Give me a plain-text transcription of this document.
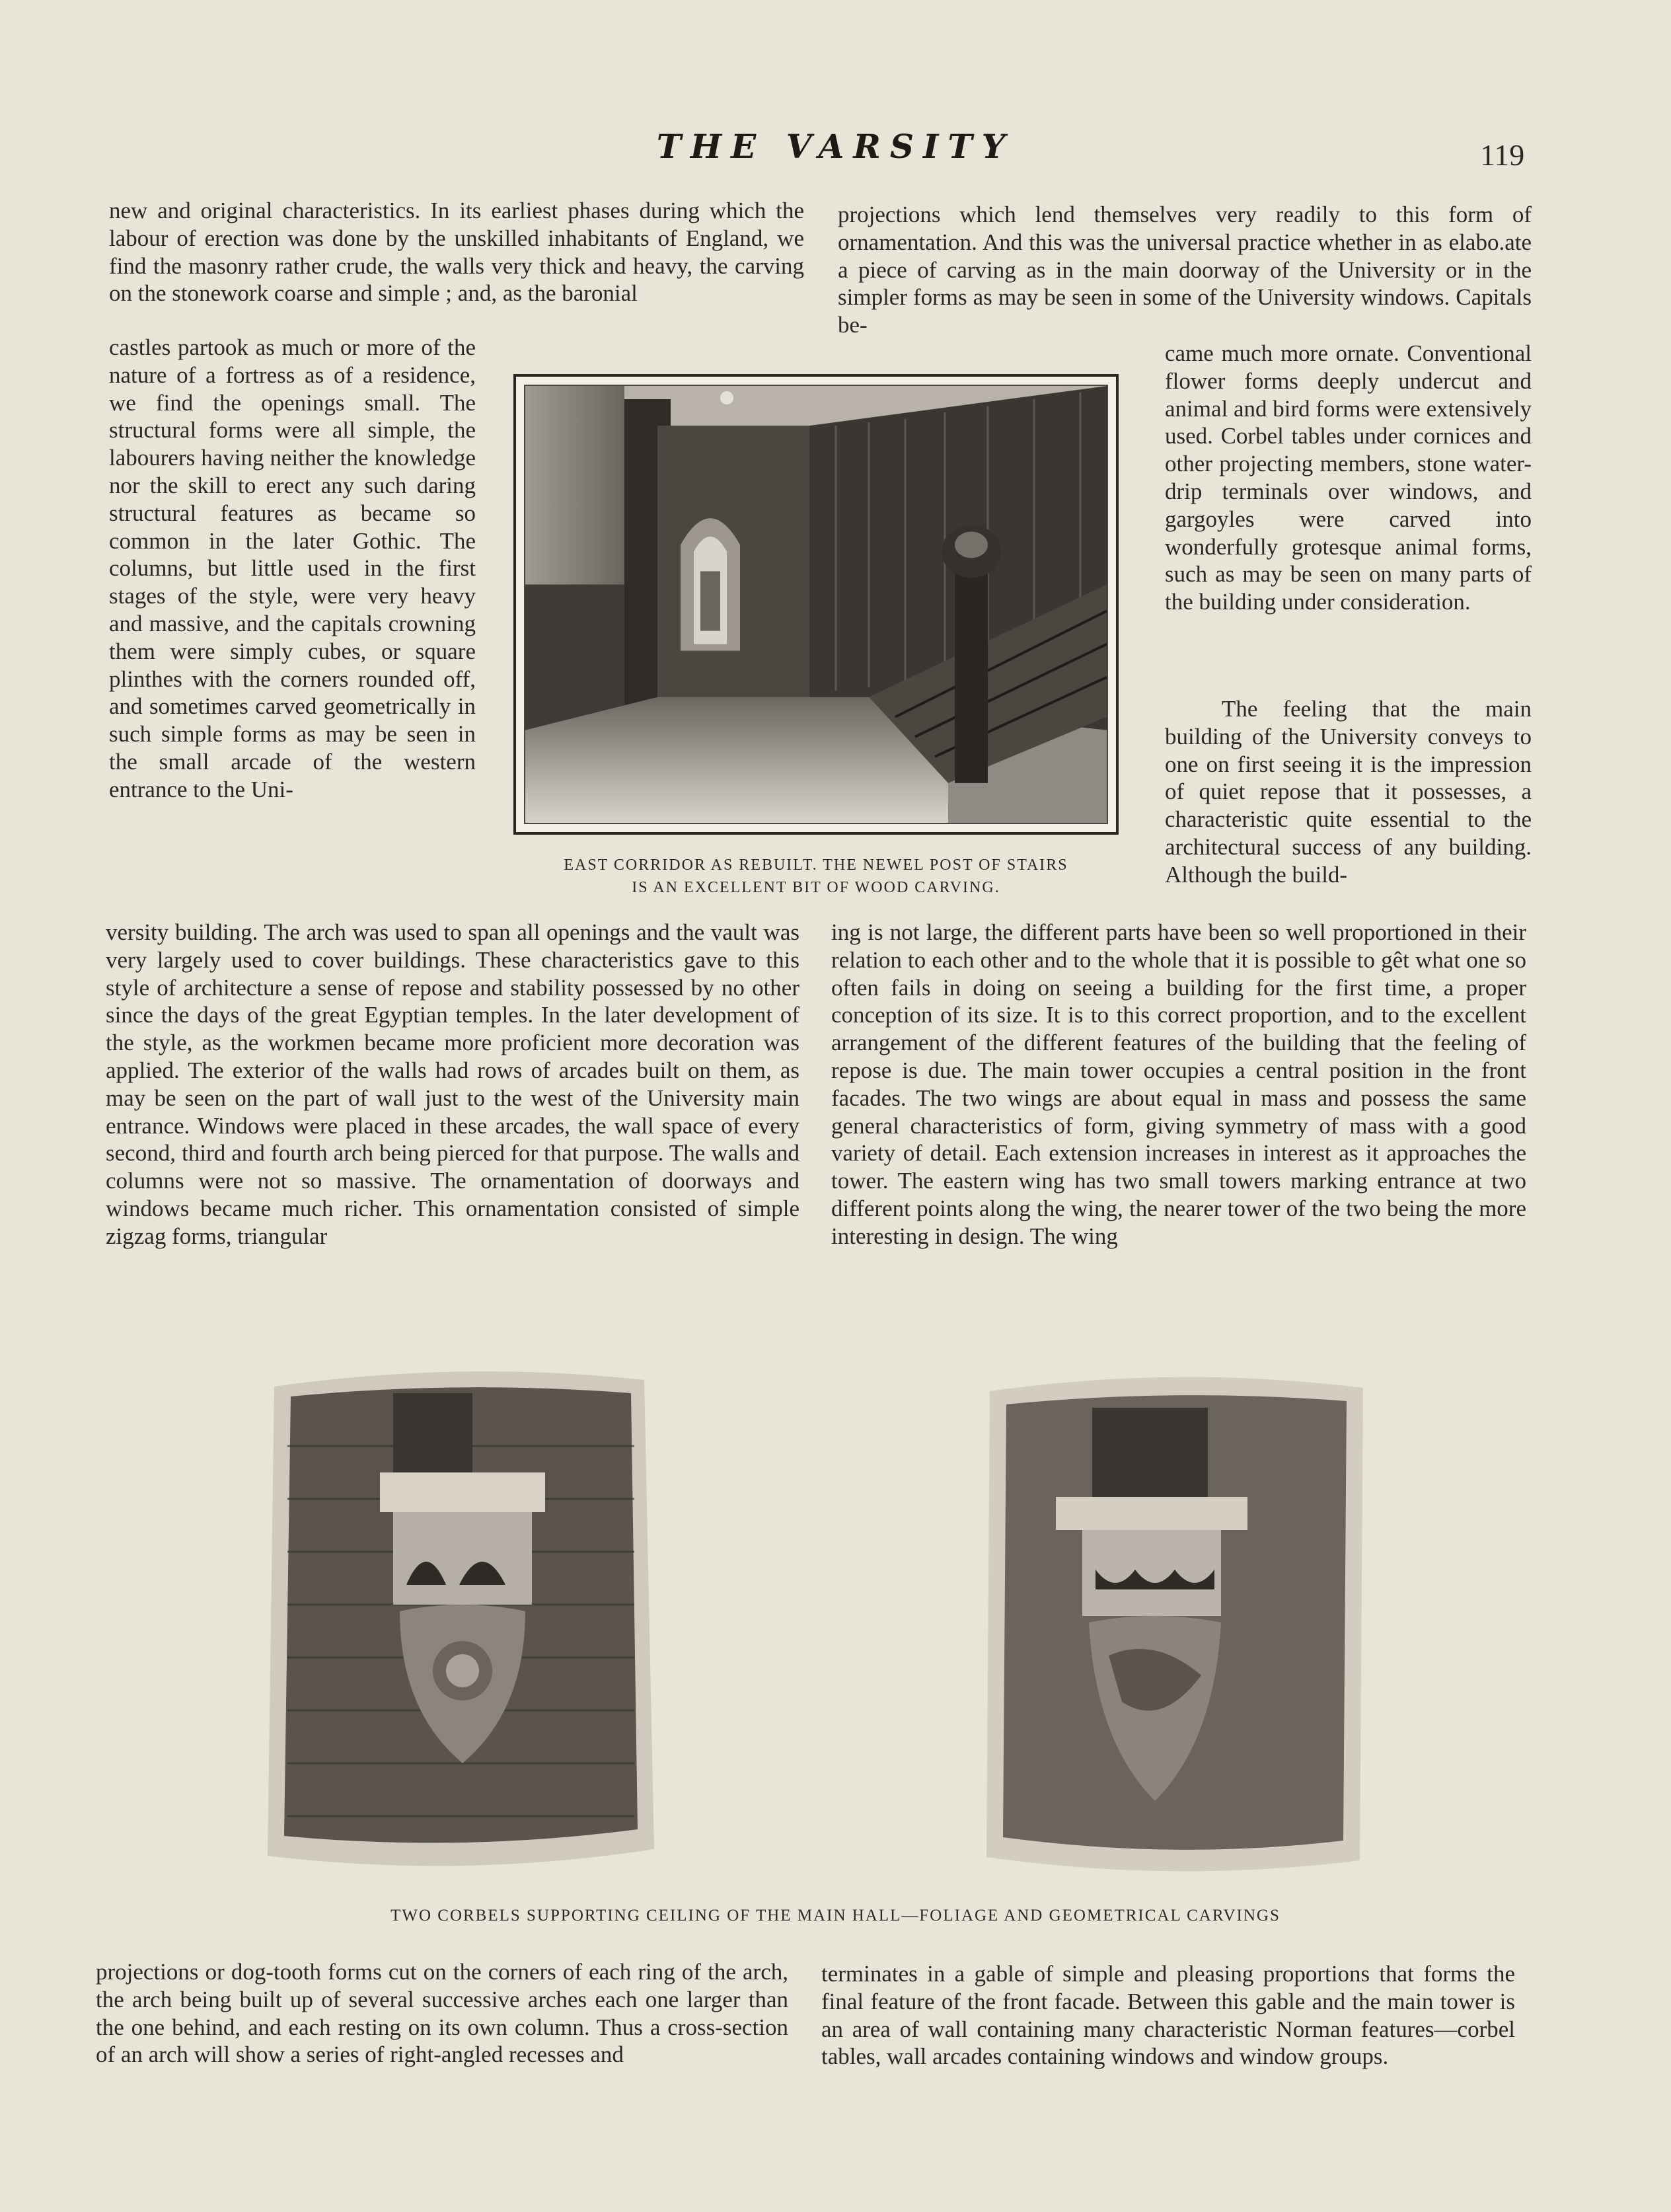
THE VARSITY	119

new and original characteristics. In its earliest phases during which the labour of erection was done by the unskilled inhabitants of England, we find the masonry rather crude, the walls very thick and heavy, the carving on the stonework coarse and simple ; and, as the baronial

castles partook as much or more of the nature of a fortress as of a residence, we find the openings small. The structural forms were all simple, the labourers having neither the knowledge nor the skill to erect any such daring structural features as became so common in the later Gothic. The columns, but little used in the first stages of the style, were very heavy and massive, and the capitals crowning them were simply cubes, or square plinthes with the corners rounded off, and sometimes carved geometrically in such simple forms as may be seen in the small arcade of the western entrance to the Uni-

versity building. The arch was used to span all openings and the vault was very largely used to cover buildings. These characteristics gave to this style of architecture a sense of repose and stability possessed by no other since the days of the great Egyptian temples. In the later development of the style, as the workmen became more proficient more decoration was applied. The exterior of the walls had rows of arcades built on them, as may be seen on the part of wall just to the west of the University main entrance. Windows were placed in these arcades, the wall space of every second, third and fourth arch being pierced for that purpose. The walls and columns were not so massive. The ornamentation of doorways and windows became much richer. This ornamentation consisted of simple zigzag forms, triangular

projections which lend themselves very readily to this form of ornamentation. And this was the universal practice whether in as elabo.ate a piece of carving as in the main doorway of the University or in the simpler forms as may be seen in some of the University windows. Capitals be-

came much more ornate. Conventional flower forms deeply undercut and animal and bird forms were extensively used. Corbel tables under cornices and other projecting members, stone water-drip terminals over windows, and gargoyles were carved into wonderfully grotesque animal forms, such as may be seen on many parts of the building under consideration.

The feeling that the main building of the University conveys to one on first seeing it is the impression of quiet repose that it possesses, a characteristic quite essential to the architectural success of any building. Although the build-

ing is not large, the different parts have been so well proportioned in their relation to each other and to the whole that it is possible to gêt what one so often fails in doing on seeing a building for the first time, a proper conception of its size. It is to this correct proportion, and to the excellent arrangement of the different features of the building that the feeling of repose is due. The main tower occupies a central position in the front facades. The two wings are about equal in mass and possess the same general characteristics of form, giving symmetry of mass with a good variety of detail. Each extension increases in interest as it approaches the tower. The eastern wing has two small towers marking entrance at two different points along the wing, the nearer tower of the two being the more interesting in design. The wing

EAST CORRIDOR AS REBUILT. THE NEWEL POST OF STAIRS
IS AN EXCELLENT BIT OF WOOD CARVING.
TWO CORBELS SUPPORTING CEILING OF THE MAIN HALL—FOLIAGE AND GEOMETRICAL CARVINGS

projections or dog-tooth forms cut on the corners of each ring of the arch, the arch being built up of several successive arches each one larger than the one behind, and each resting on its own column. Thus a cross-section of an arch will show a series of right-angled recesses and

terminates in a gable of simple and pleasing proportions that forms the final feature of the front facade. Between this gable and the main tower is an area of wall containing many characteristic Norman features—corbel tables, wall arcades containing windows and window groups.
